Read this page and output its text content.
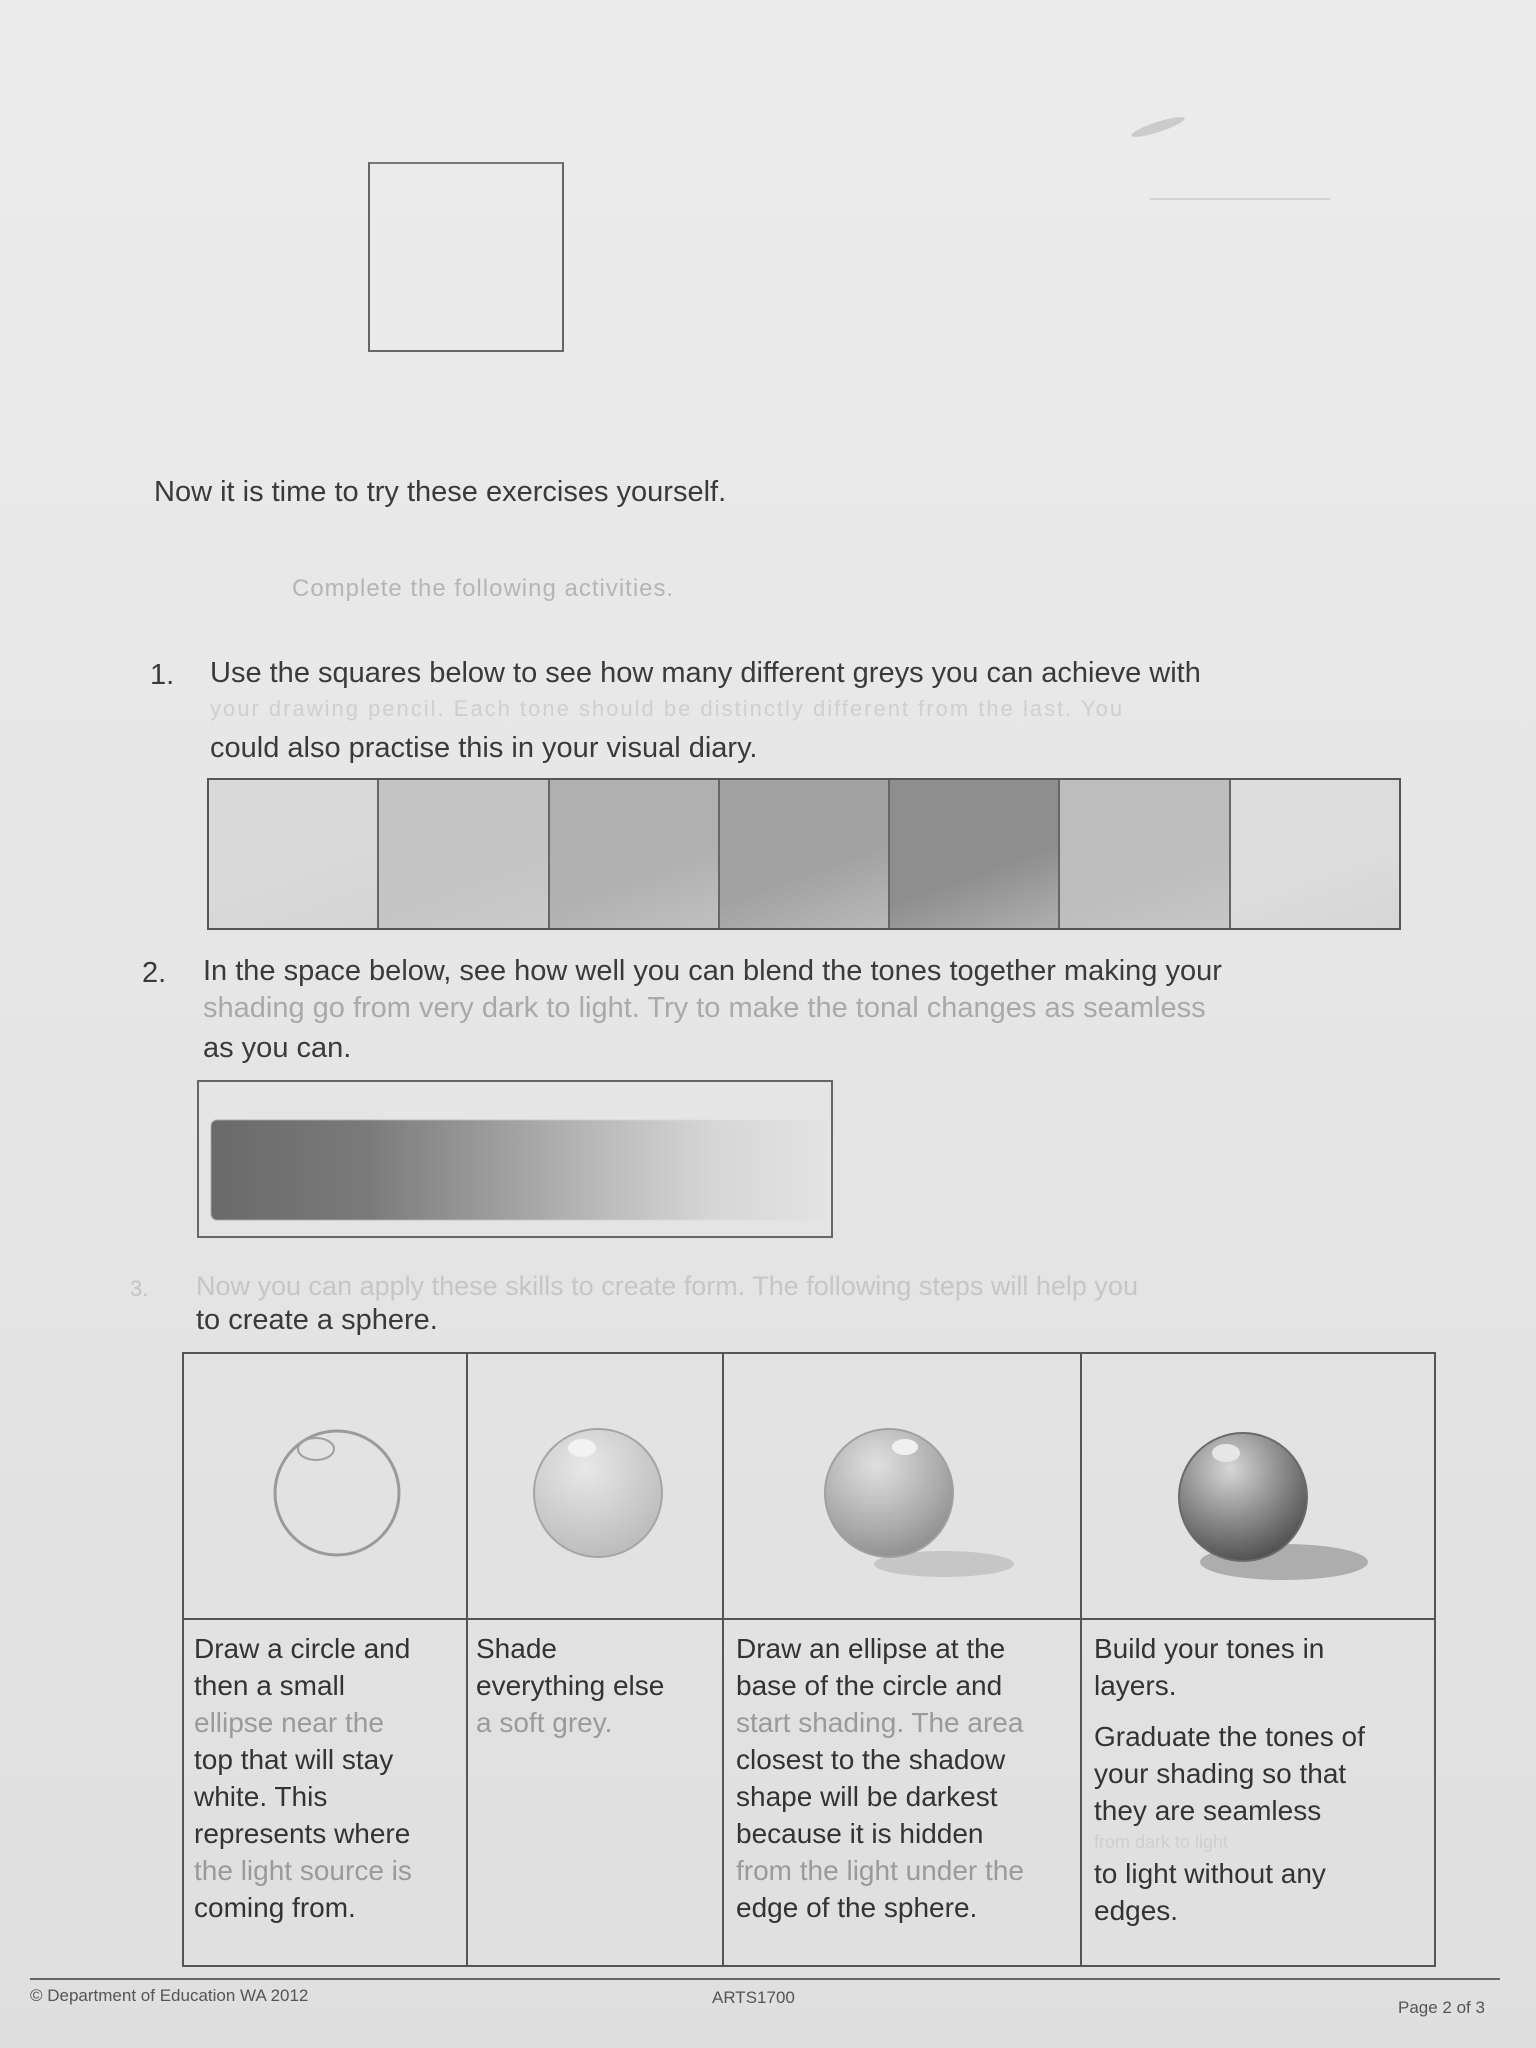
Now it is time to try these exercises yourself.
Complete the following activities.
1. Use the squares below to see how many different greys you can achieve with
your drawing pencil. Each tone should be distinctly different from the last. You
could also practise this in your visual diary.
2. In the space below, see how well you can blend the tones together making your
shading go from very dark to light. Try to make the tonal changes as seamless
as you can.
3. Now you can apply these skills to create form. The following steps will help you
to create a sphere.
Draw a circle and
then a small
ellipse near the
top that will stay
white. This
represents where
the light source is
coming from.
Shade
everything else
a soft grey.
Draw an ellipse at the
base of the circle and
start shading. The area
closest to the shadow
shape will be darkest
because it is hidden
from the light under the
edge of the sphere.
Build your tones in
layers.
Graduate the tones of
your shading so that
they are seamless
from dark to light
to light without any
edges.
© Department of Education WA 2012	ARTS1700
Page 2 of 3
